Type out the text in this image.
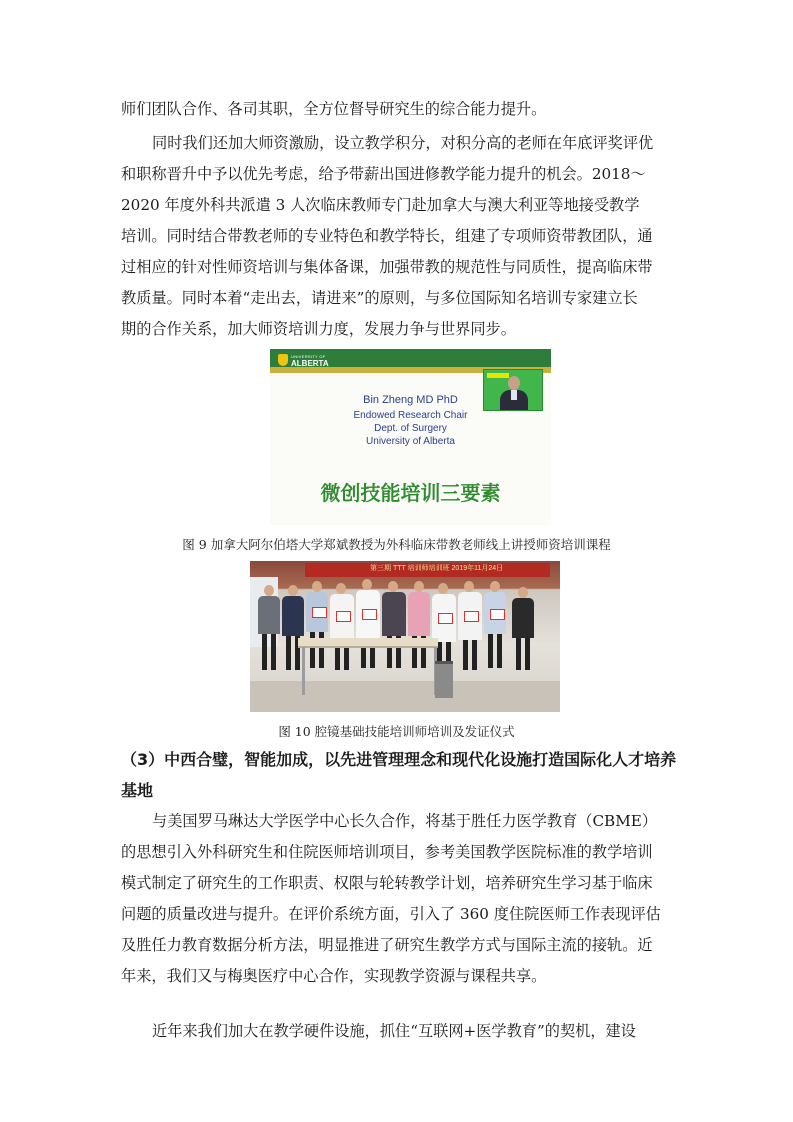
师们团队合作、各司其职，全方位督导研究生的综合能力提升。
同时我们还加大师资激励，设立教学积分，对积分高的老师在年底评奖评优
和职称晋升中予以优先考虑，给予带薪出国进修教学能力提升的机会。2018～
2020 年度外科共派遣 3 人次临床教师专门赴加拿大与澳大利亚等地接受教学
培训。同时结合带教老师的专业特色和教学特长，组建了专项师资带教团队，通
过相应的针对性师资培训与集体备课，加强带教的规范性与同质性，提高临床带
教质量。同时本着“走出去，请进来”的原则，与多位国际知名培训专家建立长
期的合作关系，加大师资培训力度，发展力争与世界同步。
UNIVERSITY OF
ALBERTA
Bin Zheng MD PhD
Endowed Research Chair
Dept. of Surgery
University of Alberta
微创技能培训三要素
图 9 加拿大阿尔伯塔大学郑斌教授为外科临床带教老师线上讲授师资培训课程
第三期 TTT 培训师培训班 2019年11月24日
图 10 腔镜基础技能培训师培训及发证仪式
（3）中西合璧，智能加成，以先进管理理念和现代化设施打造国际化人才培养
基地
与美国罗马琳达大学医学中心长久合作，将基于胜任力医学教育（CBME）
的思想引入外科研究生和住院医师培训项目，参考美国教学医院标准的教学培训
模式制定了研究生的工作职责、权限与轮转教学计划，培养研究生学习基于临床
问题的质量改进与提升。在评价系统方面，引入了 360 度住院医师工作表现评估
及胜任力教育数据分析方法，明显推进了研究生教学方式与国际主流的接轨。近
年来，我们又与梅奥医疗中心合作，实现教学资源与课程共享。
近年来我们加大在教学硬件设施，抓住“互联网+医学教育”的契机，建设
